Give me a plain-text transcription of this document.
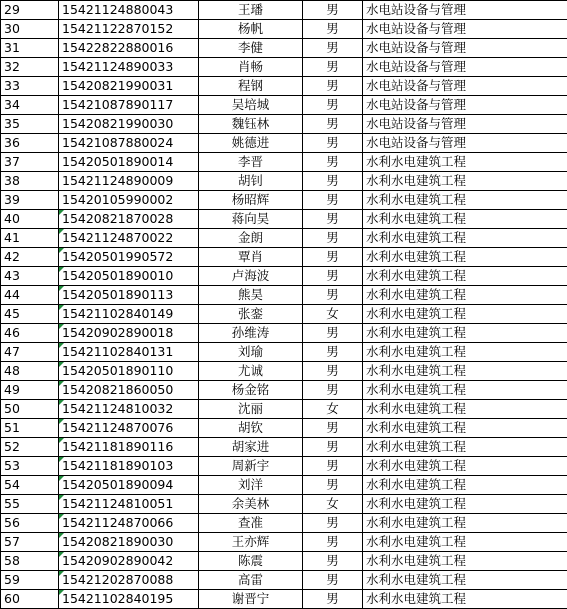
29	15421124880043	王璠	男	水电站设备与管理
30	15421122870152	杨帆	男	水电站设备与管理
31	15422822880016	李健	男	水电站设备与管理
32	15421124890033	肖畅	男	水电站设备与管理
33	15420821990031	程钢	男	水电站设备与管理
34	15421087890117	吴培城	男	水电站设备与管理
35	15420821990030	魏钰林	男	水电站设备与管理
36	15421087880024	姚德进	男	水电站设备与管理
37	15420501890014	李晋	男	水利水电建筑工程
38	15421124890009	胡钊	男	水利水电建筑工程
39	15420105990002	杨昭辉	男	水利水电建筑工程
40	15420821870028	蒋向昊	男	水利水电建筑工程
41	15421124870022	金朗	男	水利水电建筑工程
42	15420501990572	覃肖	男	水利水电建筑工程
43	15420501890010	卢海波	男	水利水电建筑工程
44	15420501890113	熊昊	男	水利水电建筑工程
45	15421102840149	张銮	女	水利水电建筑工程
46	15420902890018	孙维涛	男	水利水电建筑工程
47	15421102840131	刘瑜	男	水利水电建筑工程
48	15420501890110	尤诚	男	水利水电建筑工程
49	15420821860050	杨金铭	男	水利水电建筑工程
50	15421124810032	沈丽	女	水利水电建筑工程
51	15421124870076	胡钦	男	水利水电建筑工程
52	15421181890116	胡家进	男	水利水电建筑工程
53	15421181890103	周新宇	男	水利水电建筑工程
54	15420501890094	刘洋	男	水利水电建筑工程
55	15421124810051	余美林	女	水利水电建筑工程
56	15421124870066	查准	男	水利水电建筑工程
57	15420821890030	王亦辉	男	水利水电建筑工程
58	15420902890042	陈震	男	水利水电建筑工程
59	15421202870088	高雷	男	水利水电建筑工程
60	15421102840195	谢晋宁	男	水利水电建筑工程
